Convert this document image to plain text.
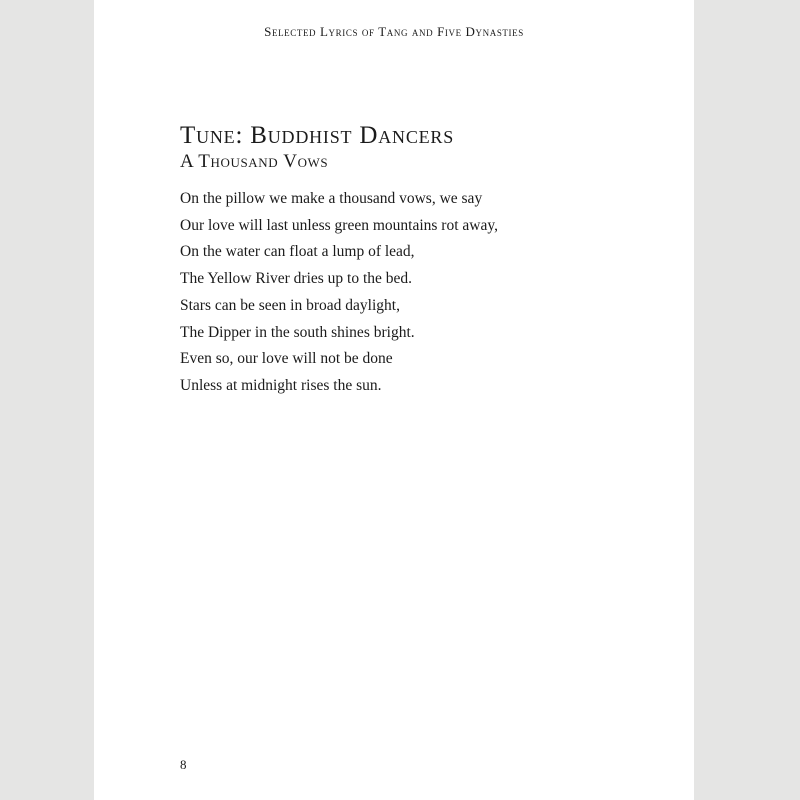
Selected Lyrics of Tang and Five Dynasties

Tune: Buddhist Dancers
A Thousand Vows
On the pillow we make a thousand vows, we say
Our love will last unless green mountains rot away,
On the water can float a lump of lead,
The Yellow River dries up to the bed.
Stars can be seen in broad daylight,
The Dipper in the south shines bright.
Even so, our love will not be done
Unless at midnight rises the sun.
8
